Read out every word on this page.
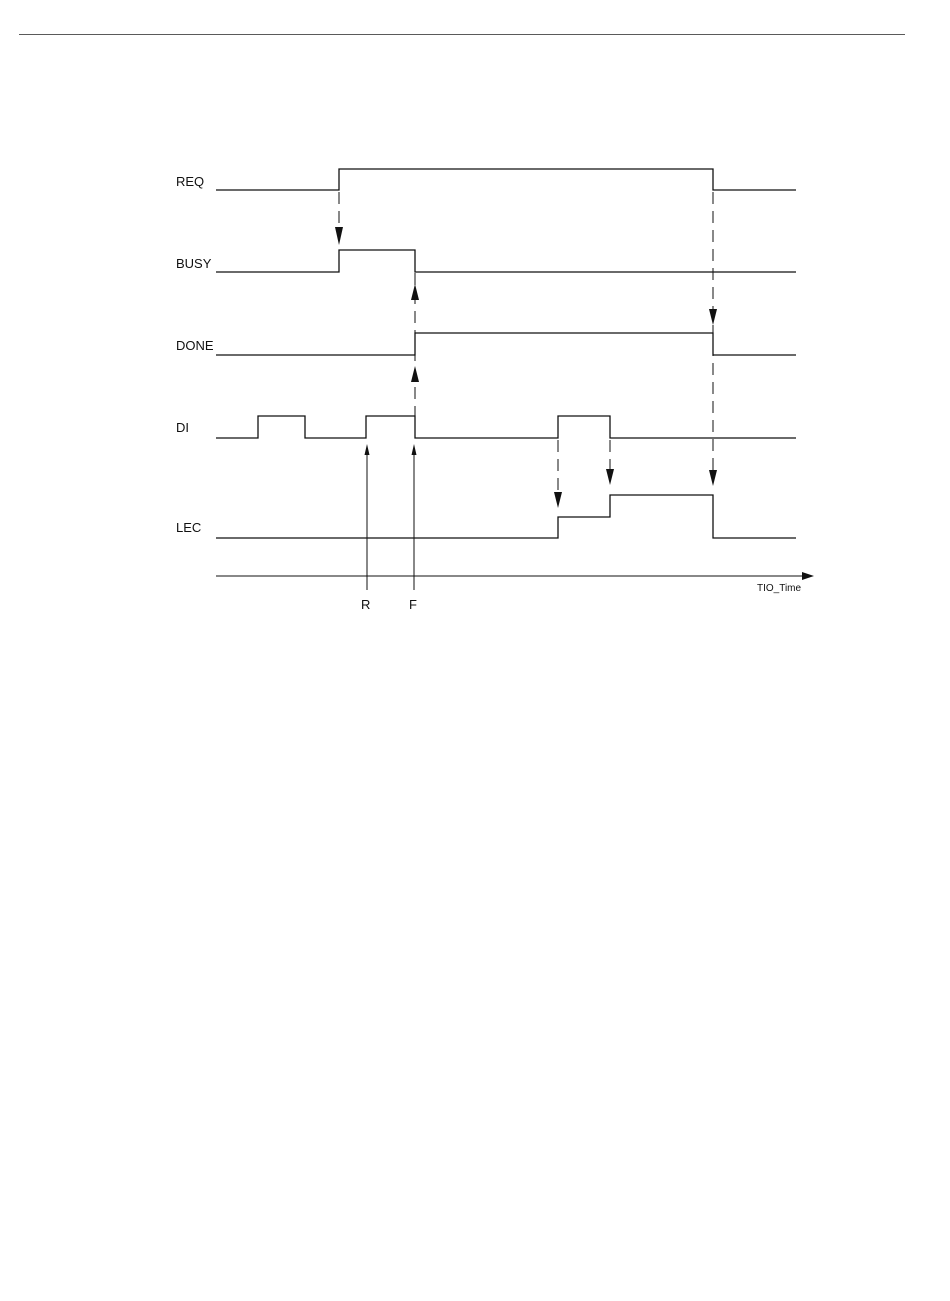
REQ
BUSY
DONE
DI
LEC
TIO_Time
R	F
